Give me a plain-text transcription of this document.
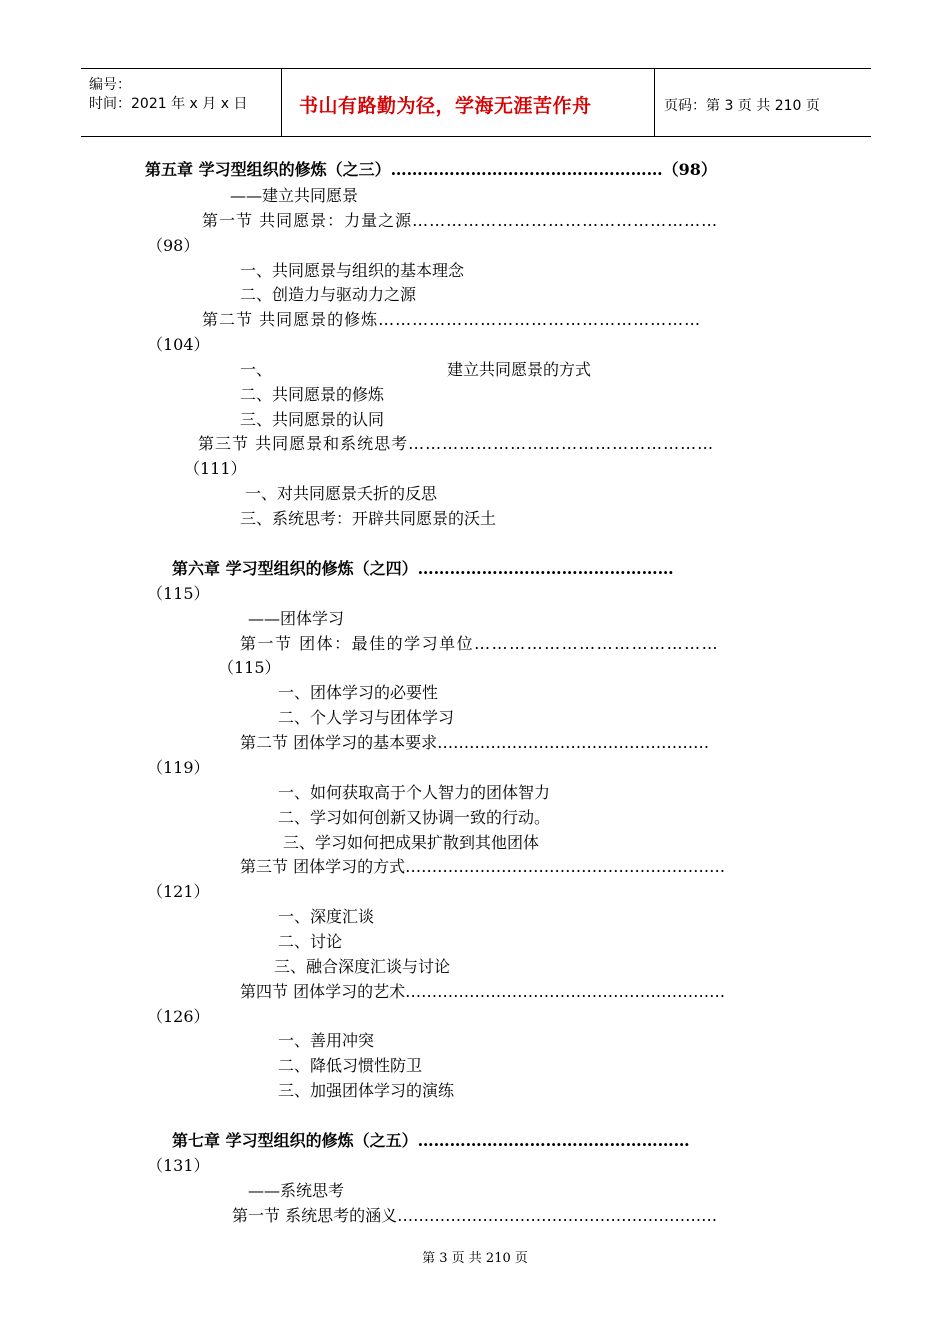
编号：
时间：2021 年 x 月 x 日	书山有路勤为径，学海无涯苦作舟	页码：第 3 页 共 210 页
第五章 学习型组织的修炼（之三）……………………………………………（98）
——建立共同愿景
第一节 共同愿景：力量之源………………………………………………
（98）
一、共同愿景与组织的基本理念
二、创造力与驱动力之源
第二节 共同愿景的修炼…………………………………………………
（104）
一、	建立共同愿景的方式
二、共同愿景的修炼
三、共同愿景的认同
第三节 共同愿景和系统思考………………………………………………
（111）
一、对共同愿景夭折的反思
三、系统思考：开辟共同愿景的沃土
第六章 学习型组织的修炼（之四）…………………………………………
（115）
——团体学习
第一节 团体：最佳的学习单位……………………………………
（115）
一、团体学习的必要性
二、个人学习与团体学习
第二节 团体学习的基本要求……………………………………………
（119）
一、如何获取高于个人智力的团体智力
二、学习如何创新又协调一致的行动。
三、学习如何把成果扩散到其他团体
第三节 团体学习的方式……………………………………………………
（121）
一、深度汇谈
二、讨论
三、融合深度汇谈与讨论
第四节 团体学习的艺术……………………………………………………
（126）
一、善用冲突
二、降低习惯性防卫
三、加强团体学习的演练
第七章 学习型组织的修炼（之五）……………………………………………
（131）
——系统思考
第一节 系统思考的涵义……………………………………………………
第 3 页 共 210 页
